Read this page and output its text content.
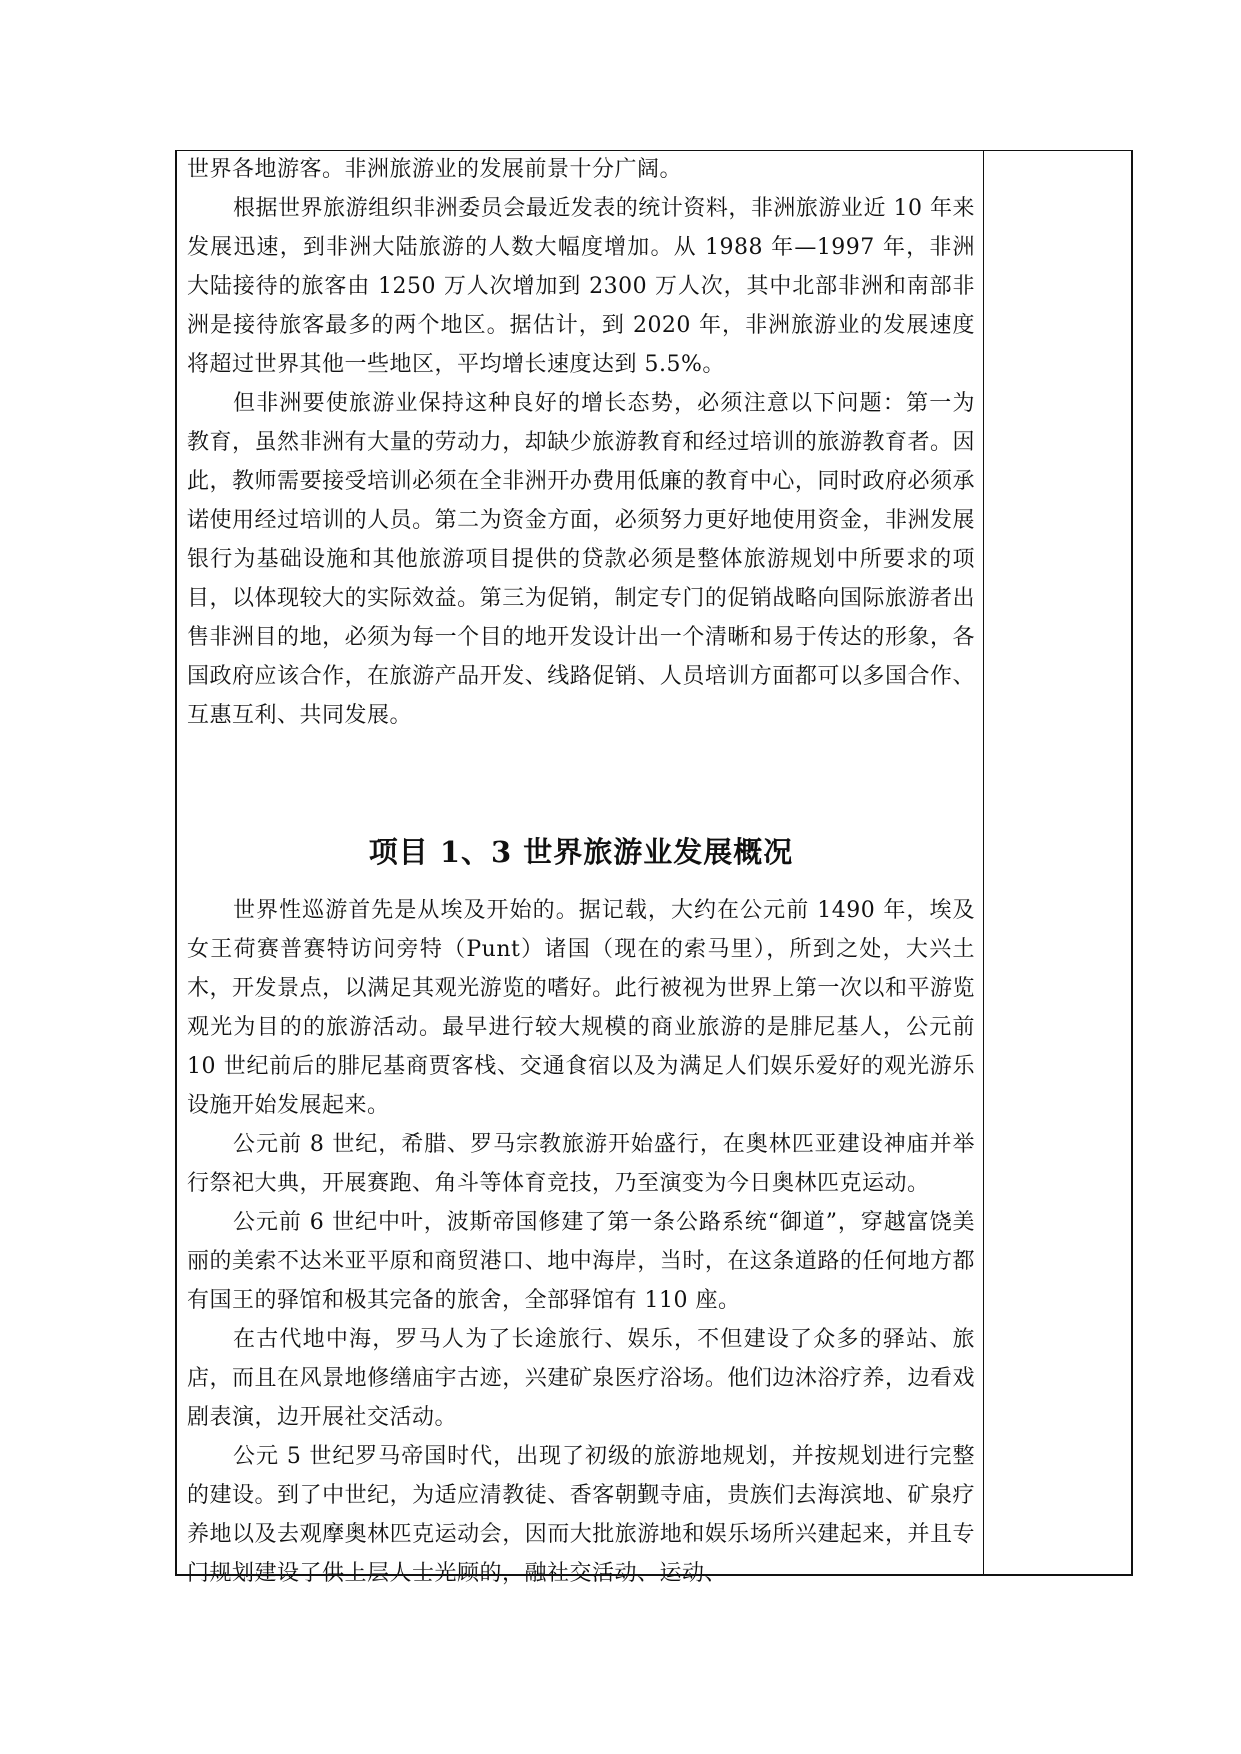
世界各地游客。非洲旅游业的发展前景十分广阔。

根据世界旅游组织非洲委员会最近发表的统计资料，非洲旅游业近 10 年来发展迅速，到非洲大陆旅游的人数大幅度增加。从 1988 年—1997 年，非洲大陆接待的旅客由 1250 万人次增加到 2300 万人次，其中北部非洲和南部非洲是接待旅客最多的两个地区。据估计，到 2020 年，非洲旅游业的发展速度将超过世界其他一些地区，平均增长速度达到 5.5%。

但非洲要使旅游业保持这种良好的增长态势，必须注意以下问题：第一为教育，虽然非洲有大量的劳动力，却缺少旅游教育和经过培训的旅游教育者。因此，教师需要接受培训必须在全非洲开办费用低廉的教育中心，同时政府必须承诺使用经过培训的人员。第二为资金方面，必须努力更好地使用资金，非洲发展银行为基础设施和其他旅游项目提供的贷款必须是整体旅游规划中所要求的项目，以体现较大的实际效益。第三为促销，制定专门的促销战略向国际旅游者出售非洲目的地，必须为每一个目的地开发设计出一个清晰和易于传达的形象，各国政府应该合作，在旅游产品开发、线路促销、人员培训方面都可以多国合作、互惠互利、共同发展。

项目 1、3 世界旅游业发展概况

世界性巡游首先是从埃及开始的。据记载，大约在公元前 1490 年，埃及女王荷赛普赛特访问旁特（Punt）诸国（现在的索马里），所到之处，大兴土木，开发景点，以满足其观光游览的嗜好。此行被视为世界上第一次以和平游览观光为目的的旅游活动。最早进行较大规模的商业旅游的是腓尼基人，公元前 10 世纪前后的腓尼基商贾客栈、交通食宿以及为满足人们娱乐爱好的观光游乐设施开始发展起来。

公元前 8 世纪，希腊、罗马宗教旅游开始盛行，在奥林匹亚建设神庙并举行祭祀大典，开展赛跑、角斗等体育竞技，乃至演变为今日奥林匹克运动。

公元前 6 世纪中叶，波斯帝国修建了第一条公路系统“御道”，穿越富饶美丽的美索不达米亚平原和商贸港口、地中海岸，当时，在这条道路的任何地方都有国王的驿馆和极其完备的旅舍，全部驿馆有 110 座。

在古代地中海，罗马人为了长途旅行、娱乐，不但建设了众多的驿站、旅店，而且在风景地修缮庙宇古迹，兴建矿泉医疗浴场。他们边沐浴疗养，边看戏剧表演，边开展社交活动。

公元 5 世纪罗马帝国时代，出现了初级的旅游地规划，并按规划进行完整的建设。到了中世纪，为适应清教徒、香客朝觐寺庙，贵族们去海滨地、矿泉疗养地以及去观摩奥林匹克运动会，因而大批旅游地和娱乐场所兴建起来，并且专门规划建设了供上层人士光顾的，融社交活动、运动、
